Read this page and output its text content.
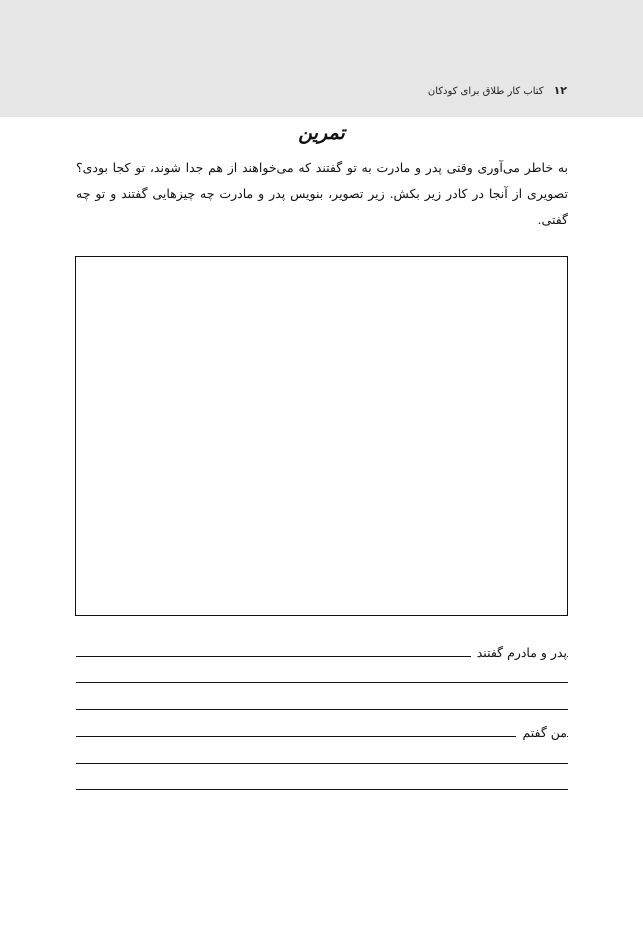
۱۲
کتاب کار طلاق برای کودکان
تمرین
به خاطر می‌آوری وقتی پدر و مادرت به تو گفتند که می‌خواهند از هم جدا شوند، تو کجا بودی؟ تصویری از آنجا در کادر زیر بکش. زیر تصویر، بنویس پدر و مادرت چه چیزهایی گفتند و تو چه گفتی.
پدر و مادرم گفتند
من گفتم
